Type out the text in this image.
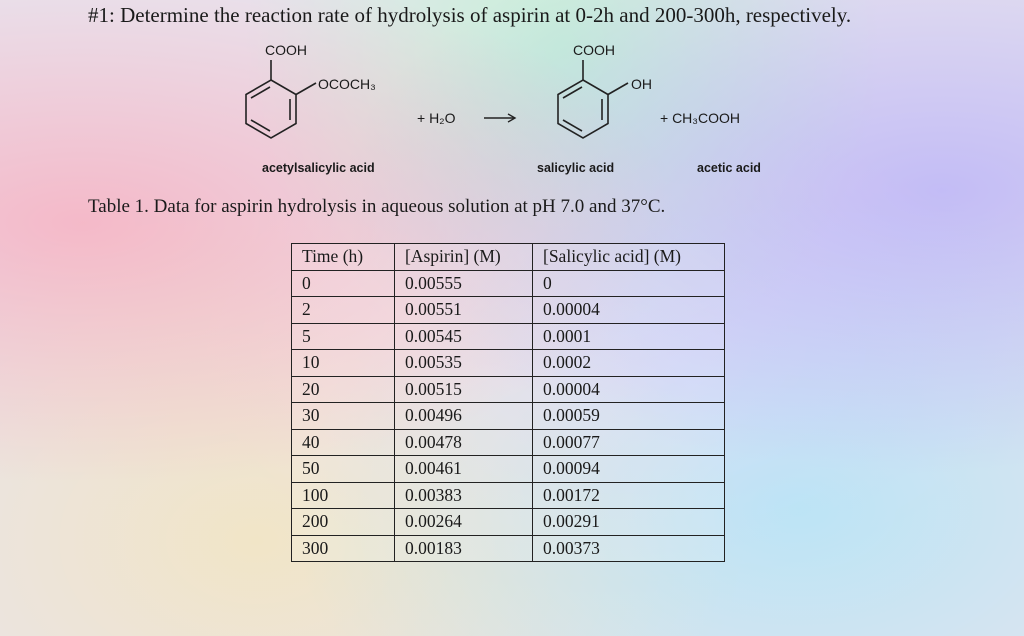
#1: Determine the reaction rate of hydrolysis of aspirin at 0-2h and 200-300h, respectively.
COOH
OCOCH₃
+ H₂O
COOH
OH
+ CH₃COOH
acetylsalicylic acid	salicylic acid	acetic acid
Table 1. Data for aspirin hydrolysis in aqueous solution at pH 7.0 and 37°C.
Time (h)	[Aspirin] (M)	[Salicylic acid] (M)
0	0.00555	0
2	0.00551	0.00004
5	0.00545	0.0001
10	0.00535	0.0002
20	0.00515	0.00004
30	0.00496	0.00059
40	0.00478	0.00077
50	0.00461	0.00094
100	0.00383	0.00172
200	0.00264	0.00291
300	0.00183	0.00373
